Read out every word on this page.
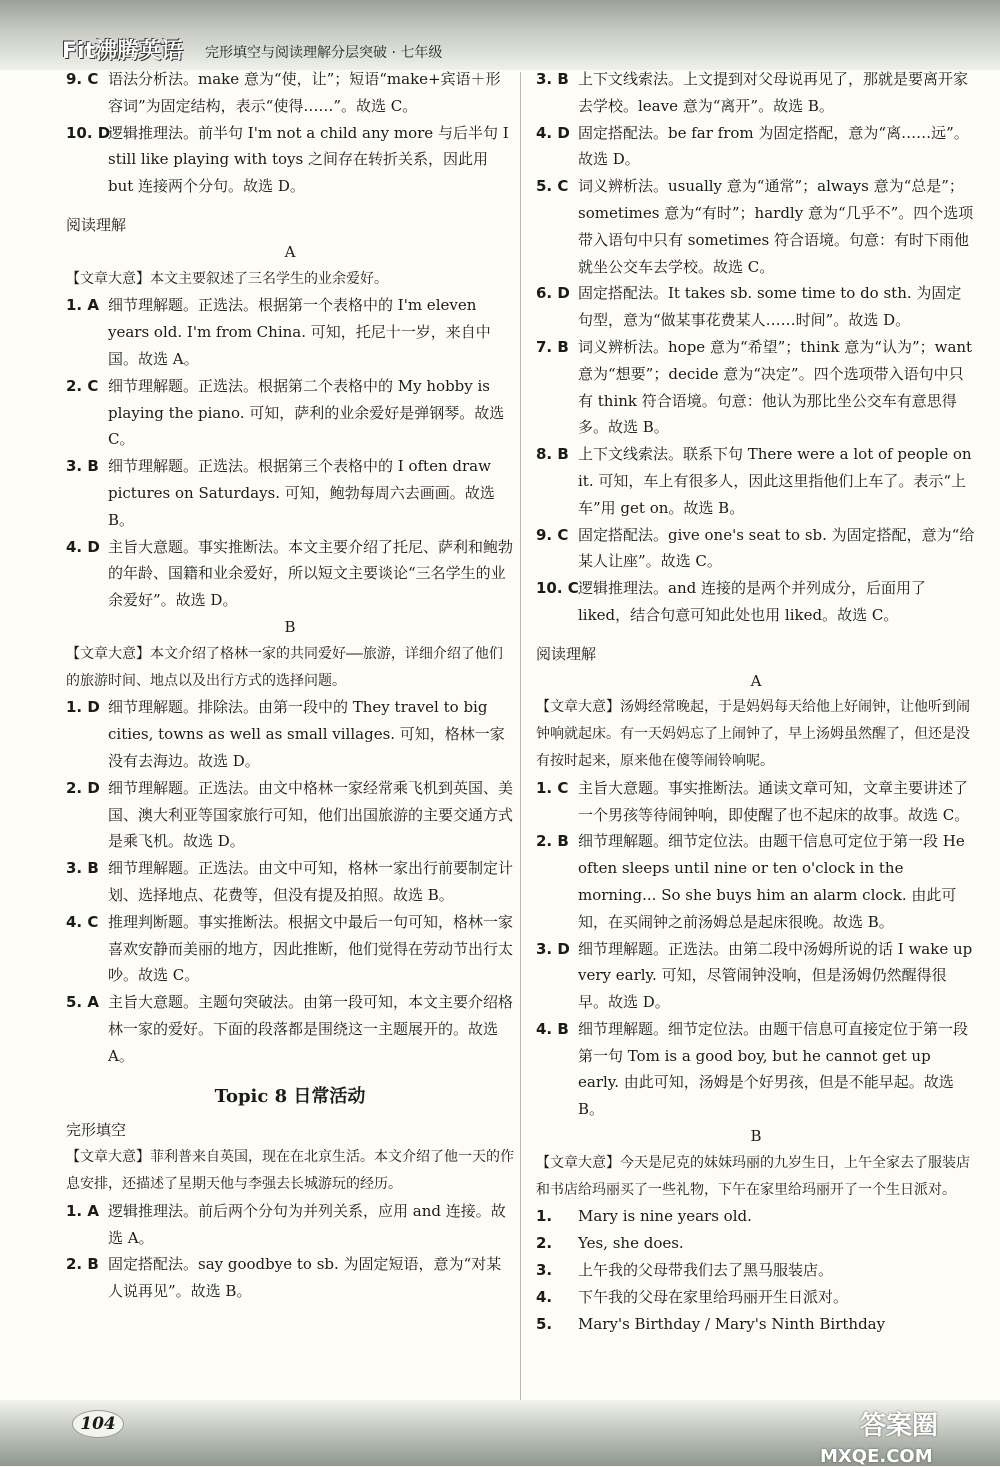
Fit沸腾英语 完形填空与阅读理解分层突破 · 七年级
9. C 语法分析法。make 意为“使，让”；短语“make+宾语＋形容词”为固定结构，表示“使得……”。故选 C。
10. D
逻辑推理法。前半句 I'm not a child any more 与后半句 I still like playing with toys 之间存在转折关系，因此用 but 连接两个分句。故选 D。
阅读理解
A
【文章大意】本文主要叙述了三名学生的业余爱好。
1. A 细节理解题。正选法。根据第一个表格中的 I'm eleven years old. I'm from China. 可知，托尼十一岁，来自中国。故选 A。
2. C 细节理解题。正选法。根据第二个表格中的 My hobby is playing the piano. 可知，萨利的业余爱好是弹钢琴。故选 C。
3. B 细节理解题。正选法。根据第三个表格中的 I often draw pictures on Saturdays. 可知，鲍勃每周六去画画。故选 B。
4. D 主旨大意题。事实推断法。本文主要介绍了托尼、萨利和鲍勃的年龄、国籍和业余爱好，所以短文主要谈论“三名学生的业余爱好”。故选 D。
B
【文章大意】本文介绍了格林一家的共同爱好——旅游，详细介绍了他们的旅游时间、地点以及出行方式的选择问题。
1. D 细节理解题。排除法。由第一段中的 They travel to big cities, towns as well as small villages. 可知，格林一家没有去海边。故选 D。
2. D 细节理解题。正选法。由文中格林一家经常乘飞机到英国、美国、澳大利亚等国家旅行可知，他们出国旅游的主要交通方式是乘飞机。故选 D。
3. B 细节理解题。正选法。由文中可知，格林一家出行前要制定计划、选择地点、花费等，但没有提及拍照。故选 B。
4. C 推理判断题。事实推断法。根据文中最后一句可知，格林一家喜欢安静而美丽的地方，因此推断，他们觉得在劳动节出行太吵。故选 C。
5. A 主旨大意题。主题句突破法。由第一段可知，本文主要介绍格林一家的爱好。下面的段落都是围绕这一主题展开的。故选 A。
Topic 8 日常活动
完形填空
【文章大意】菲利普来自英国，现在在北京生活。本文介绍了他一天的作息安排，还描述了星期天他与李强去长城游玩的经历。
1. A 逻辑推理法。前后两个分句为并列关系，应用 and 连接。故选 A。
2. B 固定搭配法。say goodbye to sb. 为固定短语，意为“对某人说再见”。故选 B。
3. B 上下文线索法。上文提到对父母说再见了，那就是要离开家去学校。leave 意为“离开”。故选 B。
4. D 固定搭配法。be far from 为固定搭配，意为“离……远”。故选 D。
5. C 词义辨析法。usually 意为“通常”；always 意为“总是”；sometimes 意为“有时”；hardly 意为“几乎不”。四个选项带入语句中只有 sometimes 符合语境。句意：有时下雨他就坐公交车去学校。故选 C。
6. D 固定搭配法。It takes sb. some time to do sth. 为固定句型，意为“做某事花费某人……时间”。故选 D。
7. B 词义辨析法。hope 意为“希望”；think 意为“认为”；want 意为“想要”；decide 意为“决定”。四个选项带入语句中只有 think 符合语境。句意：他认为那比坐公交车有意思得多。故选 B。
8. B 上下文线索法。联系下句 There were a lot of people on it. 可知，车上有很多人，因此这里指他们上车了。表示“上车”用 get on。故选 B。
9. C 固定搭配法。give one's seat to sb. 为固定搭配，意为“给某人让座”。故选 C。
10. C 逻辑推理法。and 连接的是两个并列成分，后面用了 liked，结合句意可知此处也用 liked。故选 C。
阅读理解
A
【文章大意】汤姆经常晚起，于是妈妈每天给他上好闹钟，让他听到闹钟响就起床。有一天妈妈忘了上闹钟了，早上汤姆虽然醒了，但还是没有按时起来，原来他在傻等闹铃响呢。
1. C 主旨大意题。事实推断法。通读文章可知，文章主要讲述了一个男孩等待闹钟响，即使醒了也不起床的故事。故选 C。
2. B 细节理解题。细节定位法。由题干信息可定位于第一段 He often sleeps until nine or ten o'clock in the morning... So she buys him an alarm clock. 由此可知，在买闹钟之前汤姆总是起床很晚。故选 B。
3. D 细节理解题。正选法。由第二段中汤姆所说的话 I wake up very early. 可知，尽管闹钟没响，但是汤姆仍然醒得很早。故选 D。
4. B 细节理解题。细节定位法。由题干信息可直接定位于第一段第一句 Tom is a good boy, but he cannot get up early. 由此可知，汤姆是个好男孩，但是不能早起。故选 B。
B
【文章大意】今天是尼克的妹妹玛丽的九岁生日，上午全家去了服装店和书店给玛丽买了一些礼物，下午在家里给玛丽开了一个生日派对。
1. Mary is nine years old.
2. Yes, she does.
3. 上午我的父母带我们去了黑马服装店。
4. 下午我的父母在家里给玛丽开生日派对。
5. Mary's Birthday / Mary's Ninth Birthday
104	答案圈
MXQE.COM
